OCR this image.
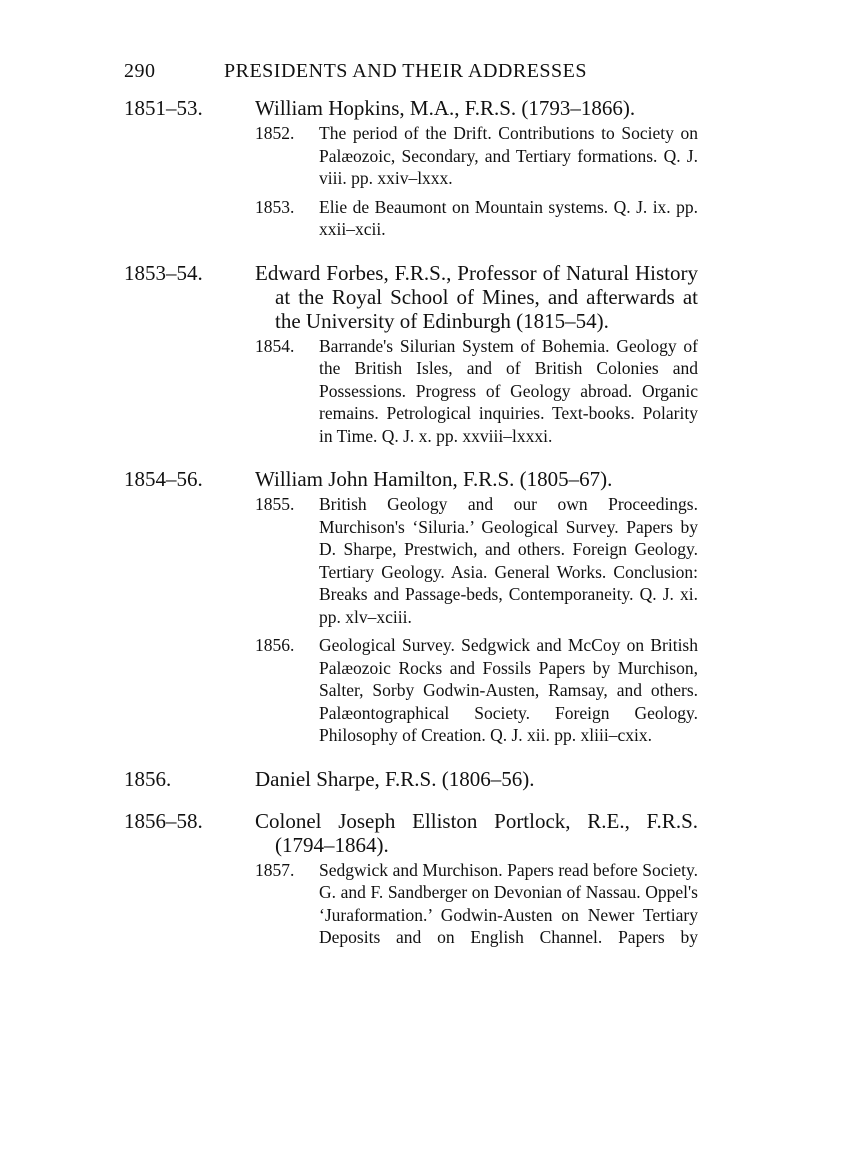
290	PRESIDENTS AND THEIR ADDRESSES
1851–53.	William Hopkins, M.A., F.R.S. (1793–1866).
1852.	The period of the Drift. Contributions to Society on Palæozoic, Secondary, and Tertiary formations. Q. J. viii. pp. xxiv–lxxx.
1853.	Elie de Beaumont on Mountain systems. Q. J. ix. pp. xxii–xcii.
1853–54.	Edward Forbes, F.R.S., Professor of Natural History at the Royal School of Mines, and afterwards at the University of Edinburgh (1815–54).
1854.	Barrande's Silurian System of Bohemia. Geology of the British Isles, and of British Colonies and Possessions. Progress of Geology abroad. Organic remains. Petrological inquiries. Text-books. Polarity in Time. Q. J. x. pp. xxviii–lxxxi.
1854–56.	William John Hamilton, F.R.S. (1805–67).
1855.	British Geology and our own Proceedings. Murchison's ‘Siluria.’ Geological Survey. Papers by D. Sharpe, Prestwich, and others. Foreign Geology. Tertiary Geology. Asia. General Works. Conclusion: Breaks and Passage-beds, Contemporaneity. Q. J. xi. pp. xlv–xciii.
1856.	Geological Survey. Sedgwick and McCoy on British Palæozoic Rocks and Fossils Papers by Murchison, Salter, Sorby Godwin-Austen, Ramsay, and others. Palæontographical Society. Foreign Geology. Philosophy of Creation. Q. J. xii. pp. xliii–cxix.
1856.	Daniel Sharpe, F.R.S. (1806–56).
1856–58.	Colonel Joseph Elliston Portlock, R.E., F.R.S. (1794–1864).
1857.	Sedgwick and Murchison. Papers read before Society. G. and F. Sandberger on Devonian of Nassau. Oppel's ‘Juraformation.’ Godwin-Austen on Newer Tertiary Deposits and on English Channel. Papers by
